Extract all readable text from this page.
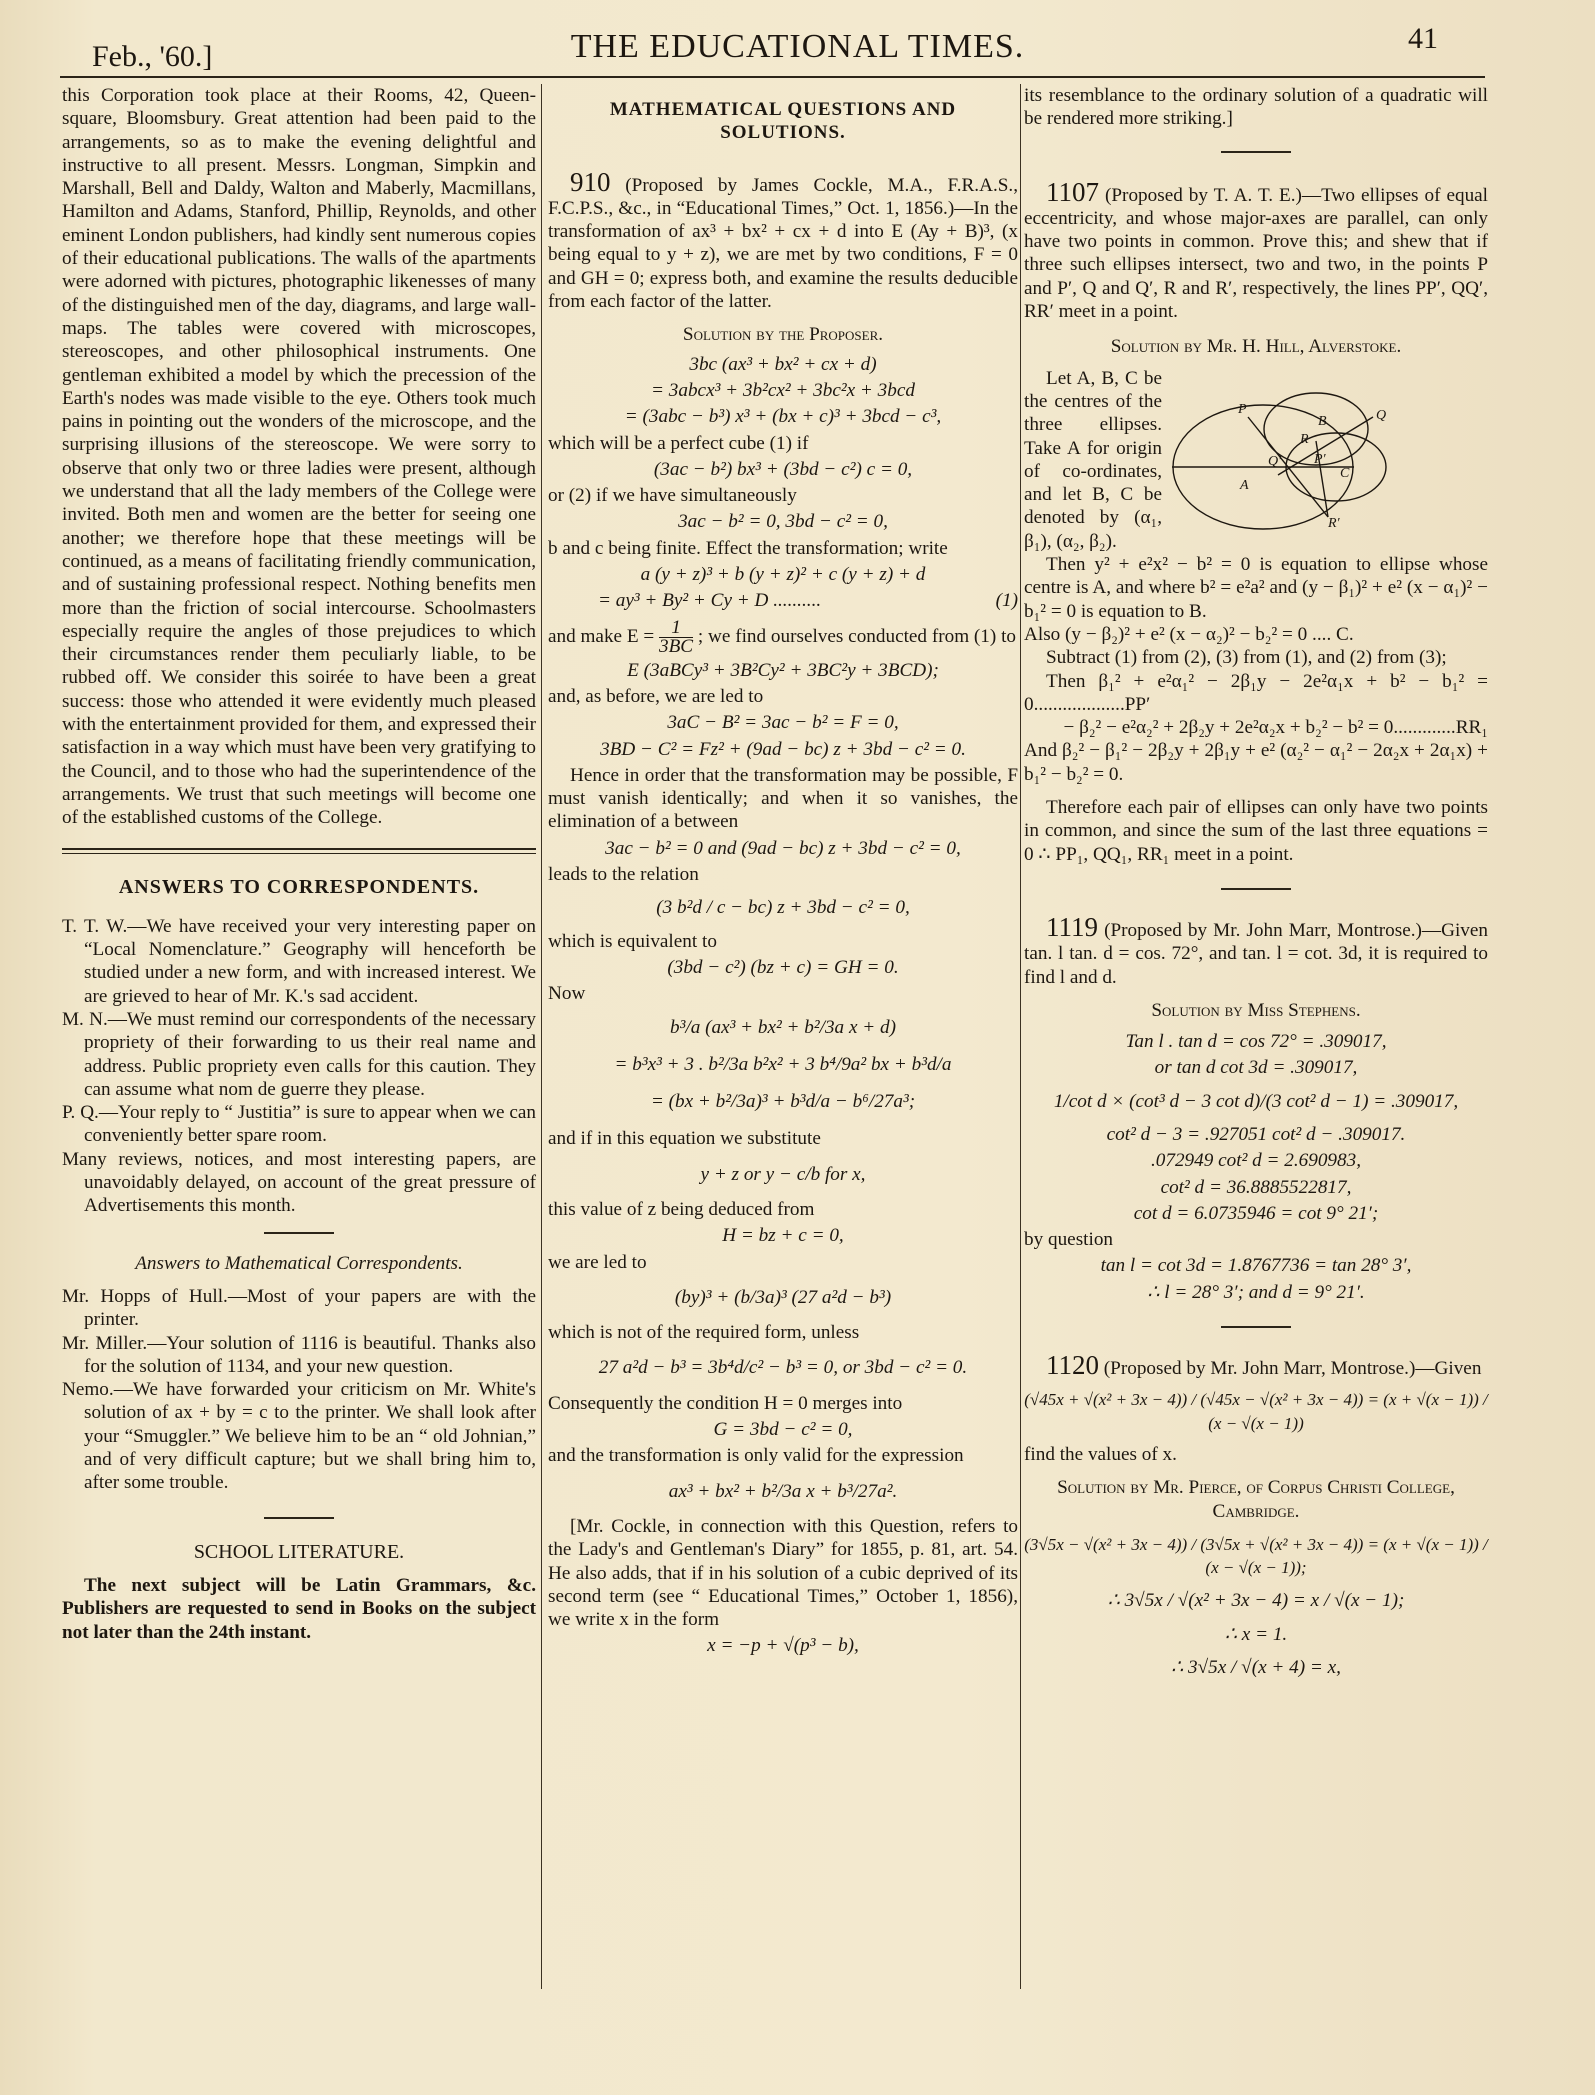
Feb., '60.]	THE EDUCATIONAL TIMES.	41

this Corporation took place at their Rooms, 42, Queen-square, Bloomsbury. Great attention had been paid to the arrangements, so as to make the evening delightful and instructive to all present. Messrs. Longman, Simpkin and Marshall, Bell and Daldy, Walton and Maberly, Macmillans, Hamilton and Adams, Stanford, Phillip, Reynolds, and other eminent London publishers, had kindly sent numerous copies of their educational publications. The walls of the apartments were adorned with pictures, photographic likenesses of many of the distinguished men of the day, diagrams, and large wall-maps. The tables were covered with microscopes, stereoscopes, and other philosophical instruments. One gentleman exhibited a model by which the precession of the Earth's nodes was made visible to the eye. Others took much pains in pointing out the wonders of the microscope, and the surprising illusions of the stereoscope. We were sorry to observe that only two or three ladies were present, although we understand that all the lady members of the College were invited. Both men and women are the better for seeing one another; we therefore hope that these meetings will be continued, as a means of facilitating friendly communication, and of sustaining professional respect. Nothing benefits men more than the friction of social intercourse. Schoolmasters especially require the angles of those prejudices to which their circumstances render them peculiarly liable, to be rubbed off. We consider this soirée to have been a great success: those who attended it were evidently much pleased with the entertainment provided for them, and expressed their satisfaction in a way which must have been very gratifying to the Council, and to those who had the superintendence of the arrangements. We trust that such meetings will become one of the established customs of the College.

ANSWERS TO CORRESPONDENTS.

T. T. W.—We have received your very interesting paper on “Local Nomenclature.” Geography will henceforth be studied under a new form, and with increased interest. We are grieved to hear of Mr. K.'s sad accident.

M. N.—We must remind our correspondents of the necessary propriety of their forwarding to us their real name and address. Public propriety even calls for this caution. They can assume what nom de guerre they please.

P. Q.—Your reply to “ Justitia” is sure to appear when we can conveniently better spare room.

Many reviews, notices, and most interesting papers, are unavoidably delayed, on account of the great pressure of Advertisements this month.

Answers to Mathematical Correspondents.

Mr. Hopps of Hull.—Most of your papers are with the printer.

Mr. Miller.—Your solution of 1116 is beautiful. Thanks also for the solution of 1134, and your new question.

Nemo.—We have forwarded your criticism on Mr. White's solution of ax + by = c to the printer. We shall look after your “Smuggler.” We believe him to be an “ old Johnian,” and of very difficult capture; but we shall bring him to, after some trouble.

SCHOOL LITERATURE.

The next subject will be Latin Grammars, &c. Publishers are requested to send in Books on the subject not later than the 24th instant.

MATHEMATICAL QUESTIONS AND SOLUTIONS.

910 (Proposed by James Cockle, M.A., F.R.A.S., F.C.P.S., &c., in “Educational Times,” Oct. 1, 1856.)—In the transformation of ax³ + bx² + cx + d into E (Ay + B)³, (x being equal to y + z), we are met by two conditions, F = 0 and GH = 0; express both, and examine the results deducible from each factor of the latter.

Solution by the Proposer.

3bc (ax³ + bx² + cx + d)

= 3abcx³ + 3b²cx² + 3bc²x + 3bcd

= (3abc − b³) x³ + (bx + c)³ + 3bcd − c³,

which will be a perfect cube (1) if

(3ac − b²) bx³ + (3bd − c²) c = 0,

or (2) if we have simultaneously

3ac − b² = 0, 3bd − c² = 0,

b and c being finite. Effect the transformation; write

a (y + z)³ + b (y + z)² + c (y + z) + d

= ay³ + By² + Cy + D ..........	(1)

and make $E = \frac{1}{3BC}$ ; we find ourselves conducted from (1) to

E (3aBCy³ + 3B²Cy² + 3BC²y + 3BCD);

and, as before, we are led to

3aC − B² = 3ac − b² = F = 0,

3BD − C² = Fz² + (9ad − bc) z + 3bd − c² = 0.

Hence in order that the transformation may be possible, F must vanish identically; and when it so vanishes, the elimination of a between

3ac − b² = 0 and (9ad − bc) z + 3bd − c² = 0,

leads to the relation

(3 b²d / c − bc) z + 3bd − c² = 0,

which is equivalent to

(3bd − c²) (bz + c) = GH = 0.

Now

b³/a (ax³ + bx² + b²/3a x + d)

= b³x³ + 3 . b²/3a b²x² + 3 b⁴/9a² bx + b³d/a

= (bx + b²/3a)³ + b³d/a − b⁶/27a³;

and if in this equation we substitute

y + z or y − c/b for x,

this value of z being deduced from

H = bz + c = 0,

we are led to

(by)³ + (b/3a)³ (27 a²d − b³)

which is not of the required form, unless

27 a²d − b³ = 3b⁴d/c² − b³ = 0, or 3bd − c² = 0.

Consequently the condition H = 0 merges into

G = 3bd − c² = 0,

and the transformation is only valid for the expression

ax³ + bx² + b²/3a x + b³/27a².

[Mr. Cockle, in connection with this Question, refers to the Lady's and Gentleman's Diary” for 1855, p. 81, art. 54. He also adds, that if in his solution of a cubic deprived of its second term (see “ Educational Times,” October 1, 1856), we write x in the form

x = −p + √(p³ − b),

its resemblance to the ordinary solution of a quadratic will be rendered more striking.]

1107 (Proposed by T. A. T. E.)—Two ellipses of equal eccentricity, and whose major-axes are parallel, can only have two points in common. Prove this; and shew that if three such ellipses intersect, two and two, in the points P and P′, Q and Q′, R and R′, respectively, the lines PP′, QQ′, RR′ meet in a point.

Solution by Mr. H. Hill, Alverstoke.

P
B
R
Q
Q′ P′
C
A
R′

Let A, B, C be the centres of the three ellipses. Take A for origin of co-ordinates, and let B, C be denoted by (α₁, β₁), (α₂, β₂).

Then y² + e²x² − b² = 0 is equation to ellipse whose centre is A, and where b² = e²a² and (y − β₁)² + e² (x − α₁)² − b₁² = 0 is equation to B.

Also (y − β₂)² + e² (x − α₂)² − b₂² = 0 .... C.

Subtract (1) from (2), (3) from (1), and (2) from (3);

Then β₁² + e²α₁² − 2β₁y − 2e²α₁x + b² − b₁² = 0...................PP′

− β₂² − e²α₂² + 2β₂y + 2e²α₂x + b₂² − b² = 0.............RR₁

And β₂² − β₁² − 2β₂y + 2β₁y + e² (α₂² − α₁² − 2α₂x + 2α₁x) + b₁² − b₂² = 0.

Therefore each pair of ellipses can only have two points in common, and since the sum of the last three equations = 0 ∴ PP₁, QQ₁, RR₁ meet in a point.

1119 (Proposed by Mr. John Marr, Montrose.)—Given tan. l tan. d = cos. 72°, and tan. l = cot. 3d, it is required to find l and d.

Solution by Miss Stephens.

Tan l . tan d = cos 72° = .309017,

or tan d cot 3d = .309017,

1/cot d × (cot³ d − 3 cot d)/(3 cot² d − 1) = .309017,

cot² d − 3 = .927051 cot² d − .309017.

.072949 cot² d = 2.690983,

cot² d = 36.8885522817,

cot d = 6.0735946 = cot 9° 21′;

by question

tan l = cot 3d = 1.8767736 = tan 28° 3′,

∴ l = 28° 3′; and d = 9° 21′.

1120 (Proposed by Mr. John Marr, Montrose.)—Given

(√45x + √(x² + 3x − 4)) / (√45x − √(x² + 3x − 4)) = (x + √(x − 1)) / (x − √(x − 1))

find the values of x.

Solution by Mr. Pierce, of Corpus Christi College, Cambridge.

(3√5x − √(x² + 3x − 4)) / (3√5x + √(x² + 3x − 4)) = (x + √(x − 1)) / (x − √(x − 1));

∴ 3√5x / √(x² + 3x − 4) = x / √(x − 1);

∴ x = 1.

∴ 3√5x / √(x + 4) = x,
